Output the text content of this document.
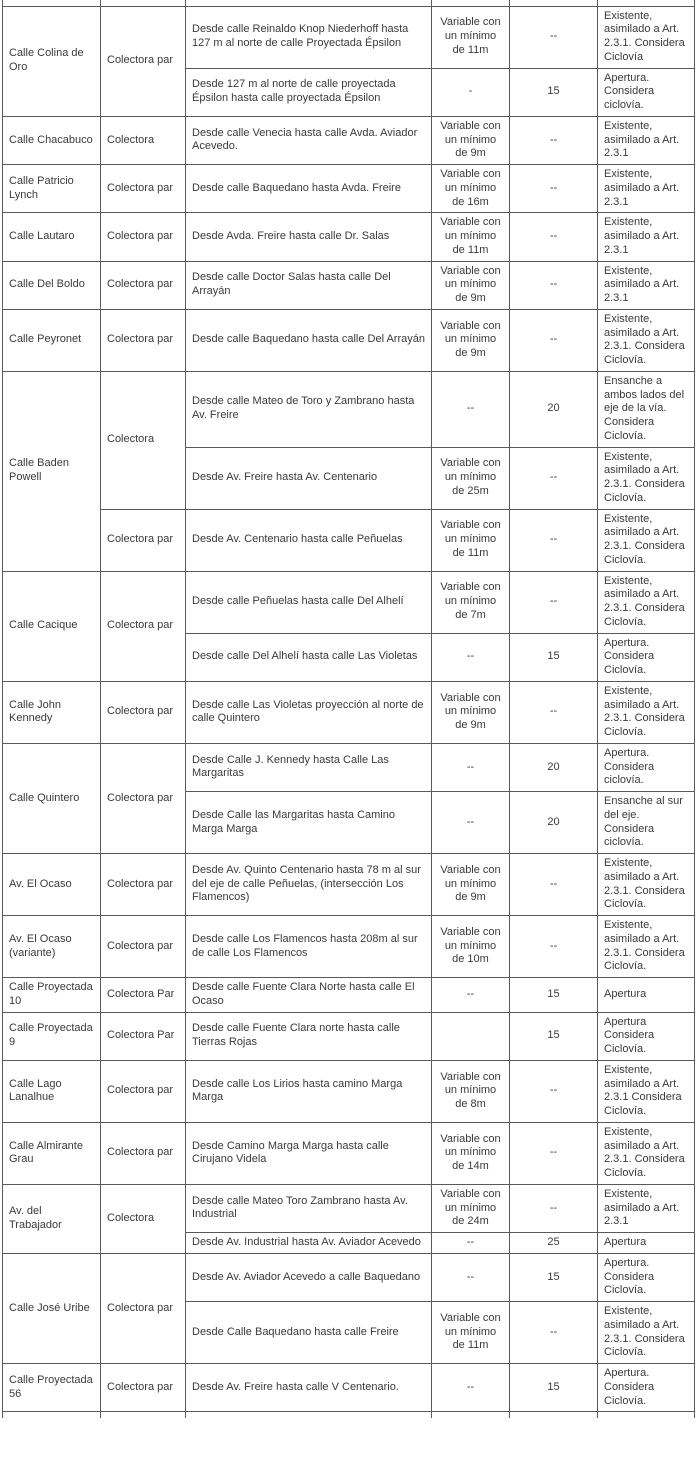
Calle Colina de Oro	Colectora par	Desde calle Reinaldo Knop Niederhoff hasta 127 m al norte de calle Proyectada Épsilon	Variable con un mínimo de 11m	--	Existente, asimilado a Art. 2.3.1. Considera Ciclovía
		Desde 127 m al norte de calle proyectada Épsilon hasta calle proyectada Épsilon	-	15	Apertura. Considera ciclovía.
Calle Chacabuco	Colectora	Desde calle Venecia hasta calle Avda. Aviador Acevedo.	Variable con un mínimo de 9m	--	Existente, asimilado a Art. 2.3.1
Calle Patricio Lynch	Colectora par	Desde calle Baquedano hasta Avda. Freire	Variable con un mínimo de 16m	--	Existente, asimilado a Art. 2.3.1
Calle Lautaro	Colectora par	Desde Avda. Freire hasta calle Dr. Salas	Variable con un mínimo de 11m	--	Existente, asimilado a Art. 2.3.1
Calle Del Boldo	Colectora par	Desde calle Doctor Salas hasta calle Del Arrayán	Variable con un mínimo de 9m	--	Existente, asimilado a Art. 2.3.1
Calle Peyronet	Colectora par	Desde calle Baquedano hasta calle Del Arrayán	Variable con un mínimo de 9m	--	Existente, asimilado a Art. 2.3.1. Considera Ciclovía.
Calle Baden Powell	Colectora	Desde calle Mateo de Toro y Zambrano hasta Av. Freire	--	20	Ensanche a ambos lados del eje de la vía. Considera Ciclovía.
		Desde Av. Freire hasta Av. Centenario	Variable con un mínimo de 25m	--	Existente, asimilado a Art. 2.3.1. Considera Ciclovía.
	Colectora par	Desde Av. Centenario hasta calle Peñuelas	Variable con un mínimo de 11m	--	Existente, asimilado a Art. 2.3.1. Considera Ciclovía.
Calle Cacique	Colectora par	Desde calle Peñuelas hasta calle Del Alhelí	Variable con un mínimo de 7m	--	Existente, asimilado a Art. 2.3.1. Considera Ciclovía.
		Desde calle Del Alhelí hasta calle Las Violetas	--	15	Apertura. Considera Ciclovía.
Calle John Kennedy	Colectora par	Desde calle Las Violetas proyección al norte de calle Quintero	Variable con un mínimo de 9m	--	Existente, asimilado a Art. 2.3.1. Considera Ciclovía.
Calle Quintero	Colectora par	Desde Calle J. Kennedy hasta Calle Las Margaritas	--	20	Apertura. Considera ciclovía.
		Desde Calle las Margaritas hasta Camino Marga Marga	--	20	Ensanche al sur del eje. Considera ciclovía.
Av. El Ocaso	Colectora par	Desde Av. Quinto Centenario hasta 78 m al sur del eje de calle Peñuelas, (intersección Los Flamencos)	Variable con un mínimo de 9m	--	Existente, asimilado a Art. 2.3.1. Considera Ciclovía.
Av. El Ocaso (variante)	Colectora par	Desde calle Los Flamencos hasta 208m al sur de calle Los Flamencos	Variable con un mínimo de 10m	--	Existente, asimilado a Art. 2.3.1. Considera Ciclovía.
Calle Proyectada 10	Colectora Par	Desde calle Fuente Clara Norte hasta calle El Ocaso	--	15	Apertura
Calle Proyectada 9	Colectora Par	Desde calle Fuente Clara norte hasta calle Tierras Rojas		15	Apertura Considera Ciclovía.
Calle Lago Lanalhue	Colectora par	Desde calle Los Lirios hasta camino Marga Marga	Variable con un mínimo de 8m	--	Existente, asimilado a Art. 2.3.1 Considera Ciclovía.
Calle Almirante Grau	Colectora par	Desde Camino Marga Marga hasta calle Cirujano Videla	Variable con un mínimo de 14m	--	Existente, asimilado a Art. 2.3.1. Considera Ciclovía.
Av. del Trabajador	Colectora	Desde calle Mateo Toro Zambrano hasta Av. Industrial	Variable con un mínimo de 24m	--	Existente, asimilado a Art. 2.3.1
		Desde Av. Industrial hasta Av. Aviador Acevedo	--	25	Apertura
Calle José Uribe	Colectora par	Desde Av. Aviador Acevedo a calle Baquedano	--	15	Apertura. Considera Ciclovía.
		Desde Calle Baquedano hasta calle Freire	Variable con un mínimo de 11m	--	Existente, asimilado a Art. 2.3.1. Considera Ciclovía.
Calle Proyectada 56	Colectora par	Desde Av. Freire hasta calle V Centenario.	--	15	Apertura. Considera Ciclovía.
